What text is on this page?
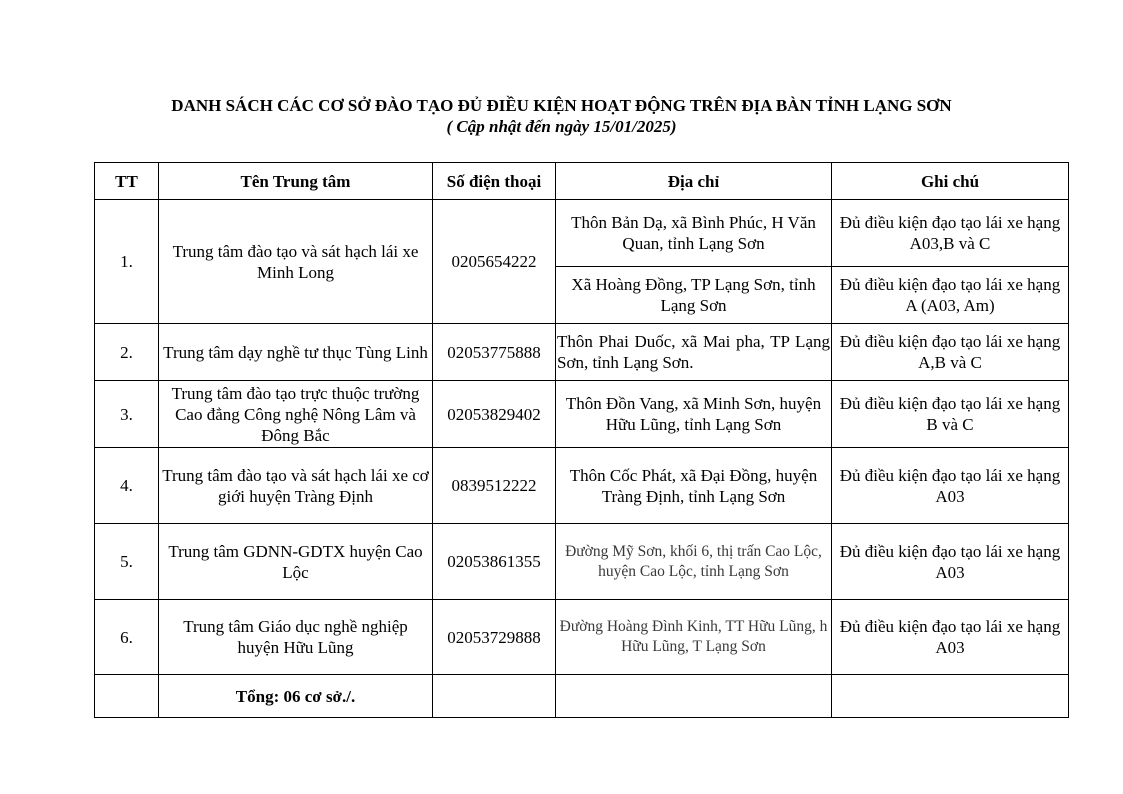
DANH SÁCH CÁC CƠ SỞ ĐÀO TẠO ĐỦ ĐIỀU KIỆN HOẠT ĐỘNG TRÊN ĐỊA BÀN TỈNH LẠNG SƠN
( Cập nhật đến ngày 15/01/2025)
TT	Tên Trung tâm	Số điện thoại	Địa chỉ	Ghi chú
1.	Trung tâm đào tạo và sát hạch lái xe Minh Long	0205654222	Thôn Bản Dạ, xã Bình Phúc, H Văn Quan, tỉnh Lạng Sơn	Đủ điều kiện đạo tạo lái xe hạng A03,B và C
			Xã Hoàng Đồng, TP Lạng Sơn, tỉnh Lạng Sơn	Đủ điều kiện đạo tạo lái xe hạng A (A03, Am)
2.	Trung tâm dạy nghề tư thục Tùng Linh	02053775888	Thôn Phai Duốc, xã Mai pha, TP Lạng Sơn, tỉnh Lạng Sơn.	Đủ điều kiện đạo tạo lái xe hạng A,B và C
3.	Trung tâm đào tạo trực thuộc trường Cao đẳng Công nghệ Nông Lâm và Đông Bắc	02053829402	Thôn Đồn Vang, xã Minh Sơn, huyện Hữu Lũng, tỉnh Lạng Sơn	Đủ điều kiện đạo tạo lái xe hạng B và C
4.	Trung tâm đào tạo và sát hạch lái xe cơ giới huyện Tràng Định	0839512222	Thôn Cốc Phát, xã Đại Đồng, huyện Tràng Định, tỉnh Lạng Sơn	Đủ điều kiện đạo tạo lái xe hạng A03
5.	Trung tâm GDNN-GDTX huyện Cao Lộc	02053861355	Đường Mỹ Sơn, khối 6, thị trấn Cao Lộc, huyện Cao Lộc, tỉnh Lạng Sơn	Đủ điều kiện đạo tạo lái xe hạng A03
6.	Trung tâm Giáo dục nghề nghiệp huyện Hữu Lũng	02053729888	Đường Hoàng Đình Kinh, TT Hữu Lũng, h Hữu Lũng, T Lạng Sơn	Đủ điều kiện đạo tạo lái xe hạng A03
	Tổng: 06 cơ sở./.			
